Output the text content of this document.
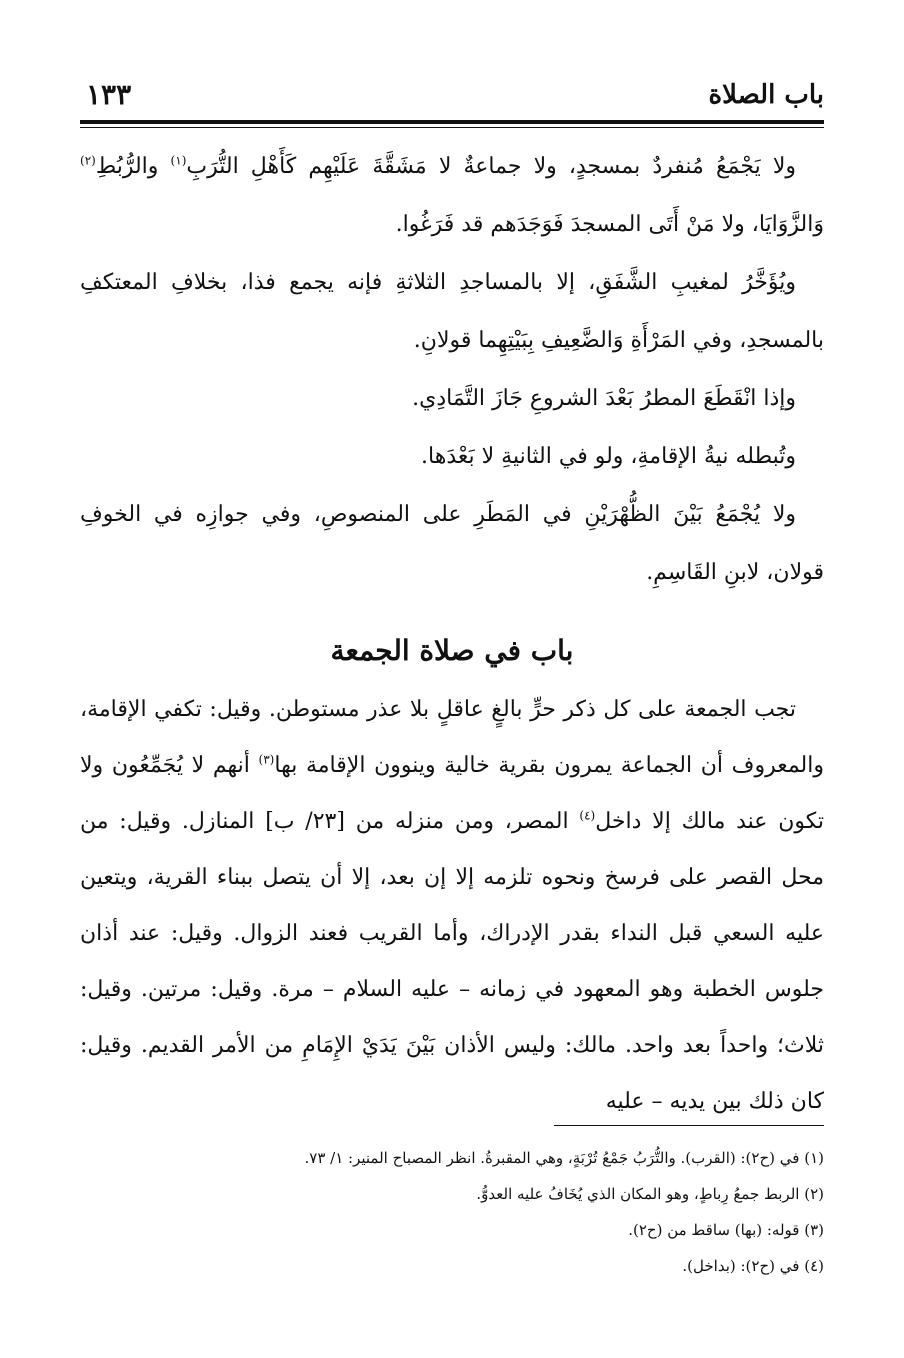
باب الصلاة
١٣٣

ولا يَجْمَعُ مُنفردٌ بمسجدٍ، ولا جماعةٌ لا مَشَقَّةَ عَلَيْهِم كَأَهْلِ التُّرَبِ$^{(١)}$ والرُّبُطِ$^{(٢)}$ وَالزَّوَايَا، ولا مَنْ أَتَى المسجدَ فَوَجَدَهم قد فَرَغُوا.

ويُؤَخَّرُ لمغيبِ الشَّفَقِ، إلا بالمساجدِ الثلاثةِ فإنه يجمع فذا، بخلافِ المعتكفِ بالمسجدِ، وفي المَرْأَةِ وَالضَّعِيفِ بِبَيْتِهِما قولانِ.

وإذا انْقَطَعَ المطرُ بَعْدَ الشروعِ جَازَ التَّمَادِي.

وتُبطله نيةُ الإقامةِ، ولو في الثانيةِ لا بَعْدَها.

ولا يُجْمَعُ بَيْنَ الظُّهْرَيْنِ في المَطَرِ على المنصوصِ، وفي جوازِه في الخوفِ قولان، لابنِ القَاسِمِ.

باب في صلاة الجمعة

تجب الجمعة على كل ذكر حرٍّ بالغٍ عاقلٍ بلا عذر مستوطن. وقيل: تكفي الإقامة، والمعروف أن الجماعة يمرون بقرية خالية وينوون الإقامة بها$^{(٣)}$ أنهم لا يُجَمِّعُون ولا تكون عند مالك إلا داخل$^{(٤)}$ المصر، ومن منزله من [٢٣/ ب] المنازل. وقيل: من محل القصر على فرسخ ونحوه تلزمه إلا إن بعد، إلا أن يتصل ببناء القرية، ويتعين عليه السعي قبل النداء بقدر الإدراك، وأما القريب فعند الزوال. وقيل: عند أذان جلوس الخطبة وهو المعهود في زمانه – عليه السلام – مرة. وقيل: مرتين. وقيل: ثلاث؛ واحداً بعد واحد. مالك: وليس الأذان بَيْنَ يَدَيْ الإِمَامِ من الأمر القديم. وقيل: كان ذلك بين يديه – عليه

(١) في (ح٢): (القرب). والتُّرَبُ جَمْعُ تُرْبَةٍ، وهي المقبرةُ. انظر المصباح المنير: ١/ ٧٣.
(٢) الربط جمعُ رِباطٍ، وهو المكان الذي يُخَافُ عليه العدوُّ.
(٣) قوله: (بها) ساقط من (ح٢).
(٤) في (ح٢): (بداخل).
